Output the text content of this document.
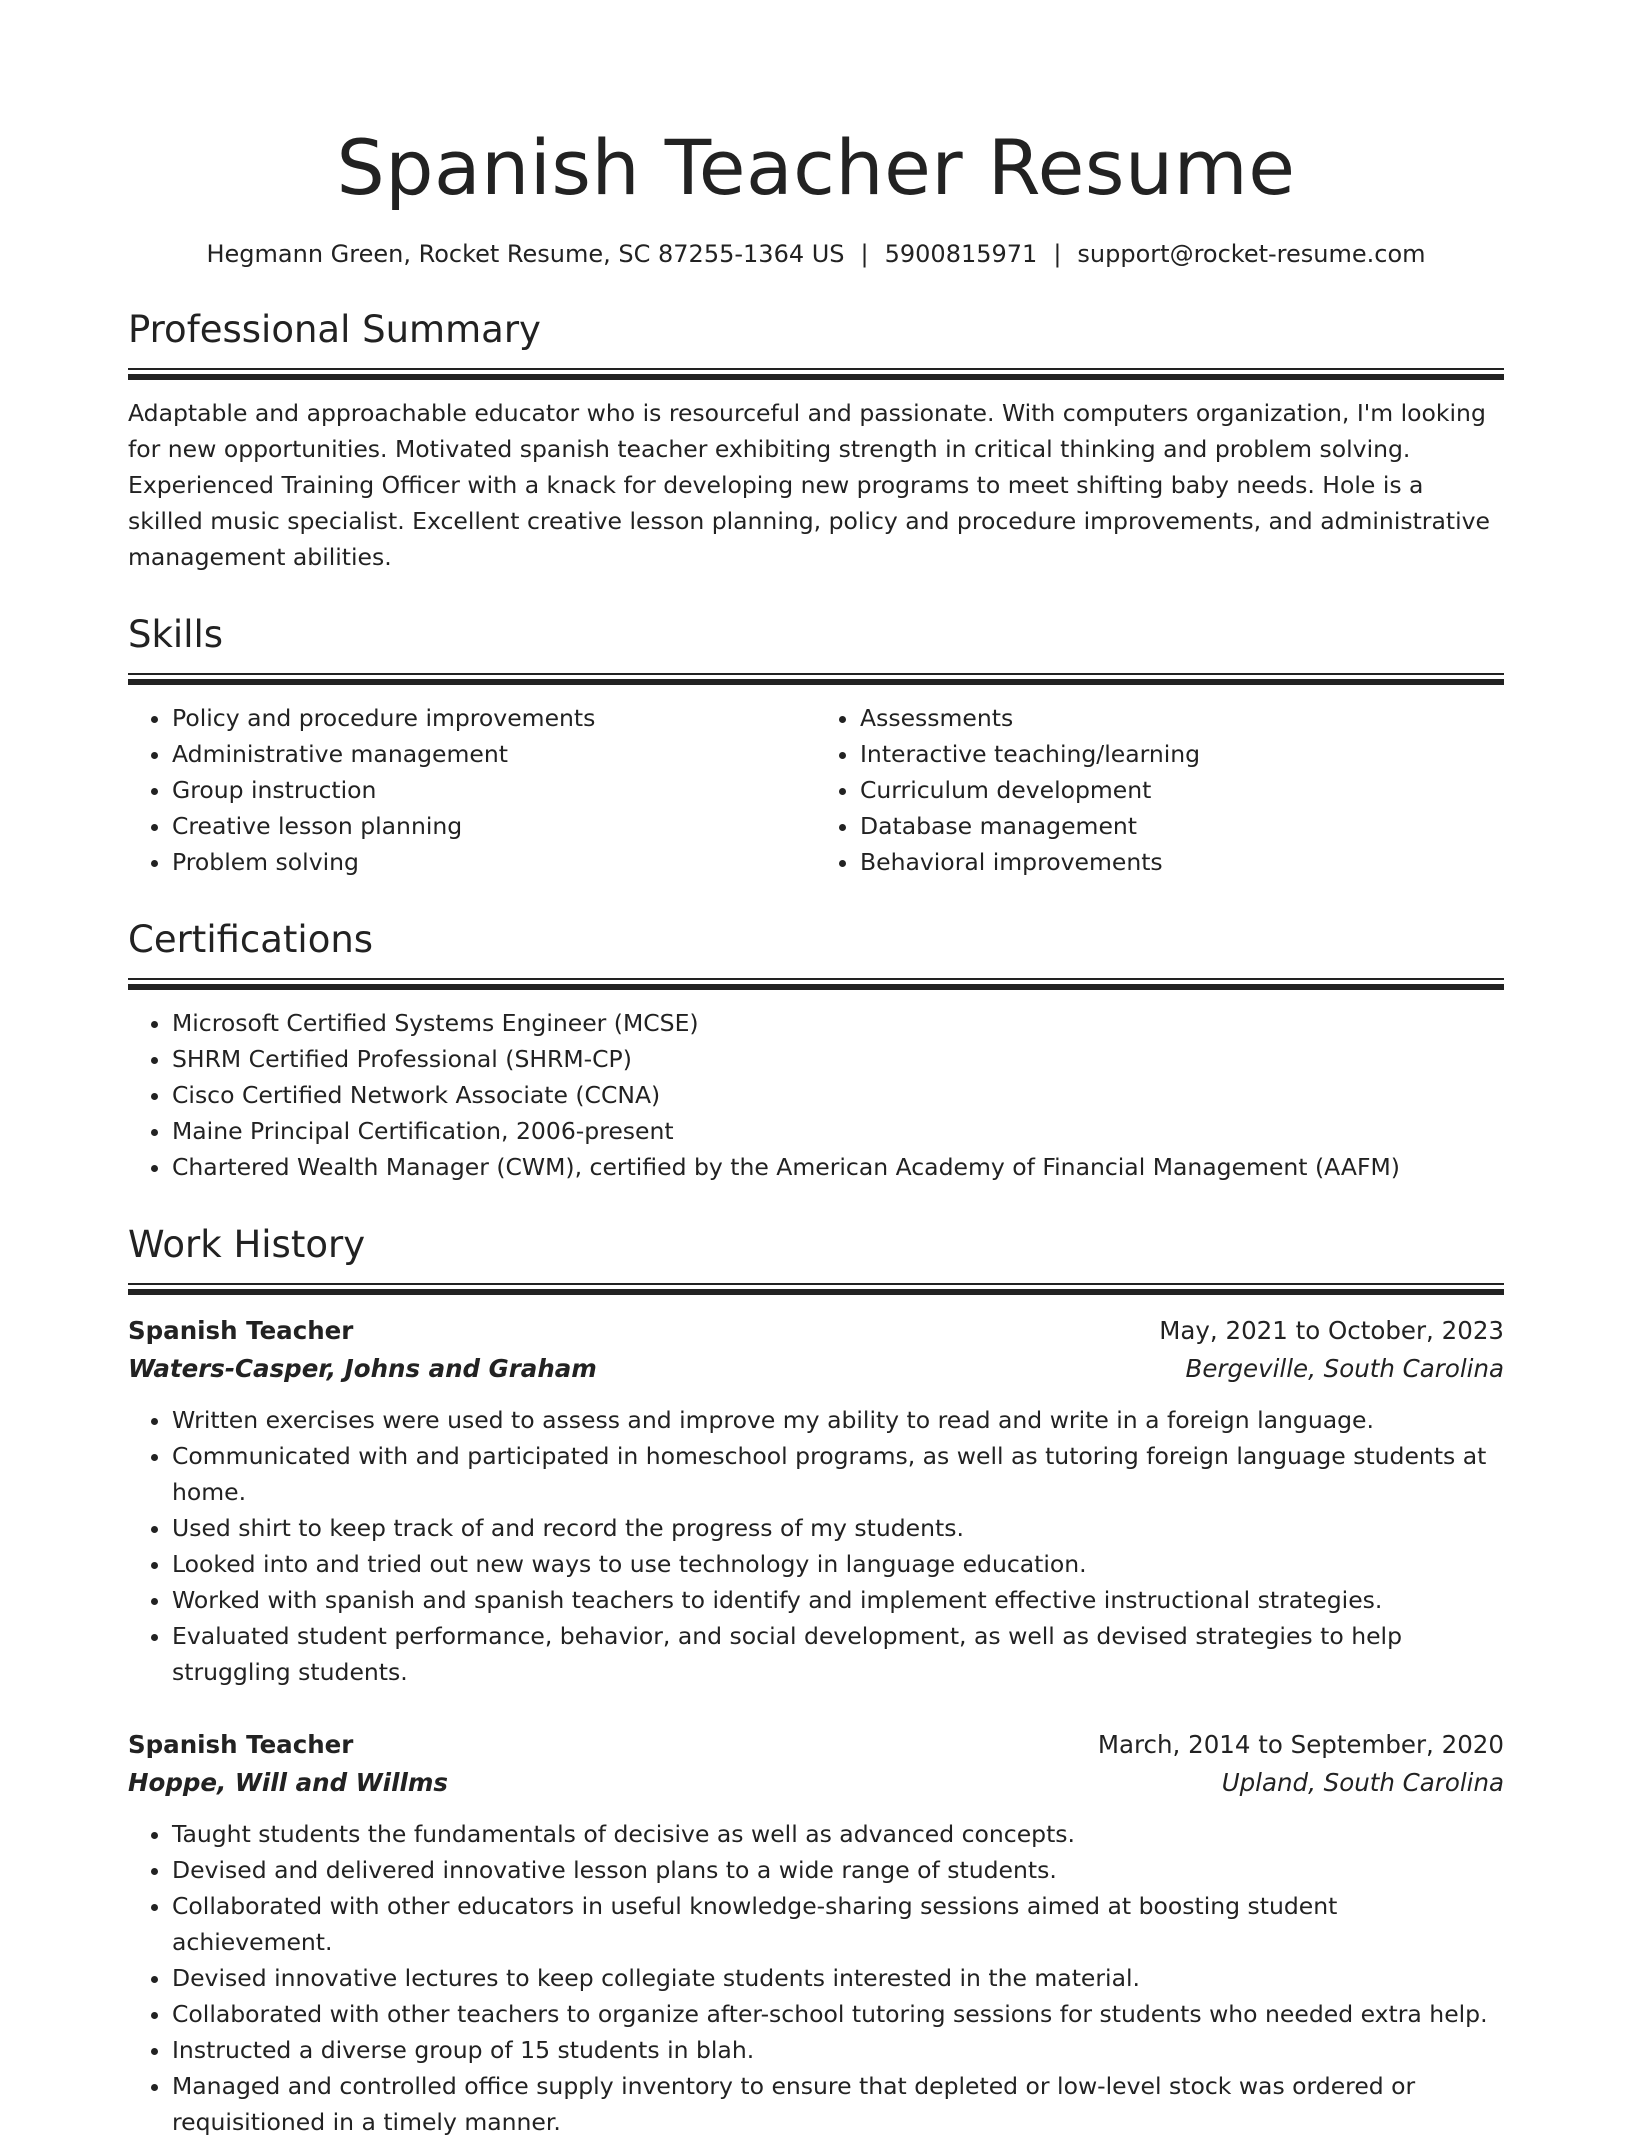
Spanish Teacher Resume
Hegmann Green, Rocket Resume, SC 87255-1364 US | 5900815971 | support@rocket-resume.com
Professional Summary

Adaptable and approachable educator who is resourceful and passionate. With computers organization, I'm looking for new opportunities. Motivated spanish teacher exhibiting strength in critical thinking and problem solving. Experienced Training Officer with a knack for developing new programs to meet shifting baby needs. Hole is a skilled music specialist. Excellent creative lesson planning, policy and procedure improvements, and administrative management abilities.

Skills
• Policy and procedure improvements
• Administrative management
• Group instruction
• Creative lesson planning
• Problem solving
• Assessments
• Interactive teaching/learning
• Curriculum development
• Database management
• Behavioral improvements
Certifications
• Microsoft Certified Systems Engineer (MCSE)
• SHRM Certified Professional (SHRM-CP)
• Cisco Certified Network Associate (CCNA)
• Maine Principal Certification, 2006-present
• Chartered Wealth Manager (CWM), certified by the American Academy of Financial Management (AAFM)
Work History
Spanish Teacher	May, 2021 to October, 2023
Waters-Casper, Johns and Graham	Bergeville, South Carolina
• Written exercises were used to assess and improve my ability to read and write in a foreign language.
• Communicated with and participated in homeschool programs, as well as tutoring foreign language students at home.
• Used shirt to keep track of and record the progress of my students.
• Looked into and tried out new ways to use technology in language education.
• Worked with spanish and spanish teachers to identify and implement effective instructional strategies.
• Evaluated student performance, behavior, and social development, as well as devised strategies to help struggling students.
Spanish Teacher	March, 2014 to September, 2020
Hoppe, Will and Willms	Upland, South Carolina
• Taught students the fundamentals of decisive as well as advanced concepts.
• Devised and delivered innovative lesson plans to a wide range of students.
• Collaborated with other educators in useful knowledge-sharing sessions aimed at boosting student achievement.
• Devised innovative lectures to keep collegiate students interested in the material.
• Collaborated with other teachers to organize after-school tutoring sessions for students who needed extra help.
• Instructed a diverse group of 15 students in blah.
• Managed and controlled office supply inventory to ensure that depleted or low-level stock was ordered or requisitioned in a timely manner.
